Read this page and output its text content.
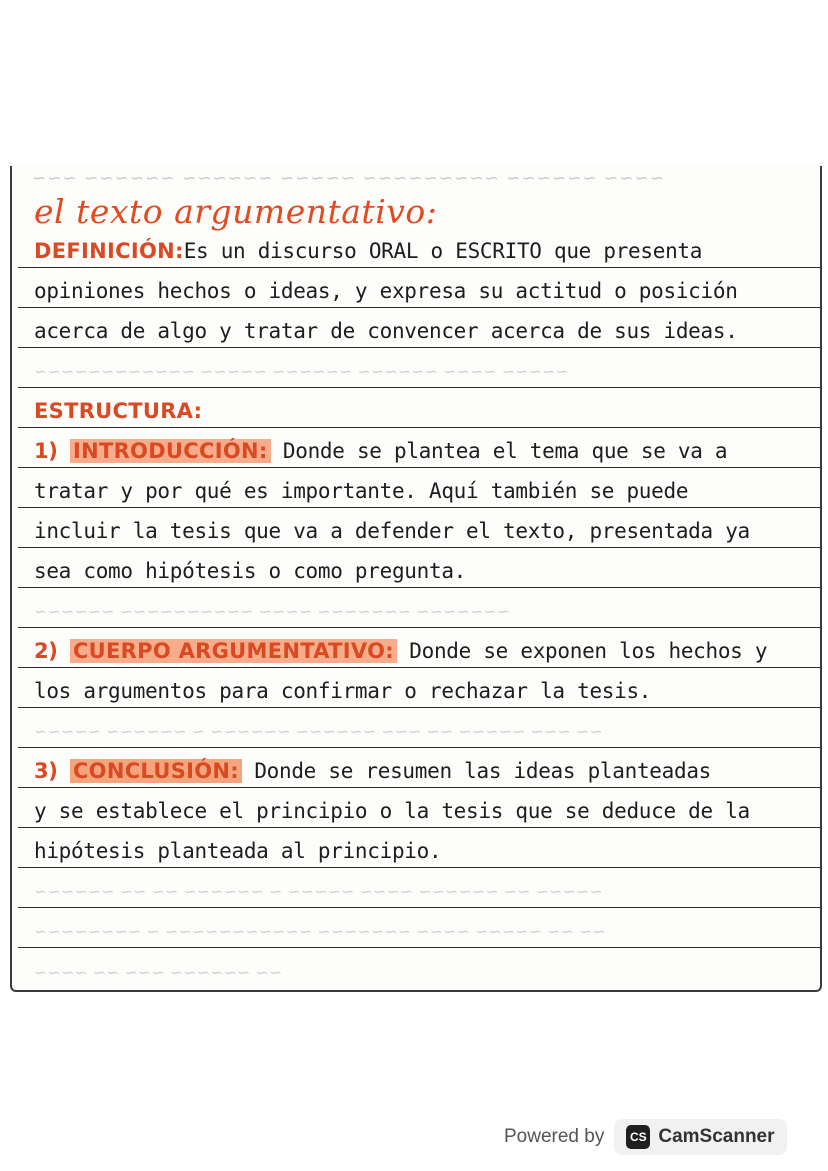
~~~ ~~~~~~ ~~~~~~ ~~~~~ ~~~~~~~~~ ~~~~~~ ~~~~
el texto argumentativo:
DEFINICIÓN:Es un discurso ORAL o ESCRITO que presenta
opiniones hechos o ideas, y expresa su actitud o posición
acerca de algo y tratar de convencer acerca de sus ideas.
~~~~~ ~~~~ ~~~~~~ ~~~~~~ ~~~~~ ~~~~~~~~~~~~
ESTRUCTURA:
1) INTRODUCCIÓN: Donde se plantea el tema que se va a
tratar y por qué es importante. Aquí también se puede
incluir la tesis que va a defender el texto, presentada ya
sea como hipótesis o como pregunta.
~~~~~~~ ~~~~~~~ ~~~~ ~~~~~~~~~~ ~~~~~~
2) CUERPO ARGUMENTATIVO: Donde se exponen los hechos y
los argumentos para confirmar o rechazar la tesis.
~~ ~~~ ~~~~~ ~~ ~~~ ~~~~~~ ~~~~~~ ~ ~~~~~~ ~~~~~
3) CONCLUSIÓN: Donde se resumen las ideas planteadas
y se establece el principio o la tesis que se deduce de la
hipótesis planteada al principio.
~~~~~ ~~ ~~~~~~ ~~~~ ~~~~~ ~ ~~~~~~ ~~ ~~ ~~~~~~
~~ ~~ ~~~~~ ~~~~ ~~~~~~~ ~~~~~~~~~~~ ~ ~~~~~~~~
~~ ~~~~~~ ~~~ ~~ ~~~~
Powered by	CS CamScanner
